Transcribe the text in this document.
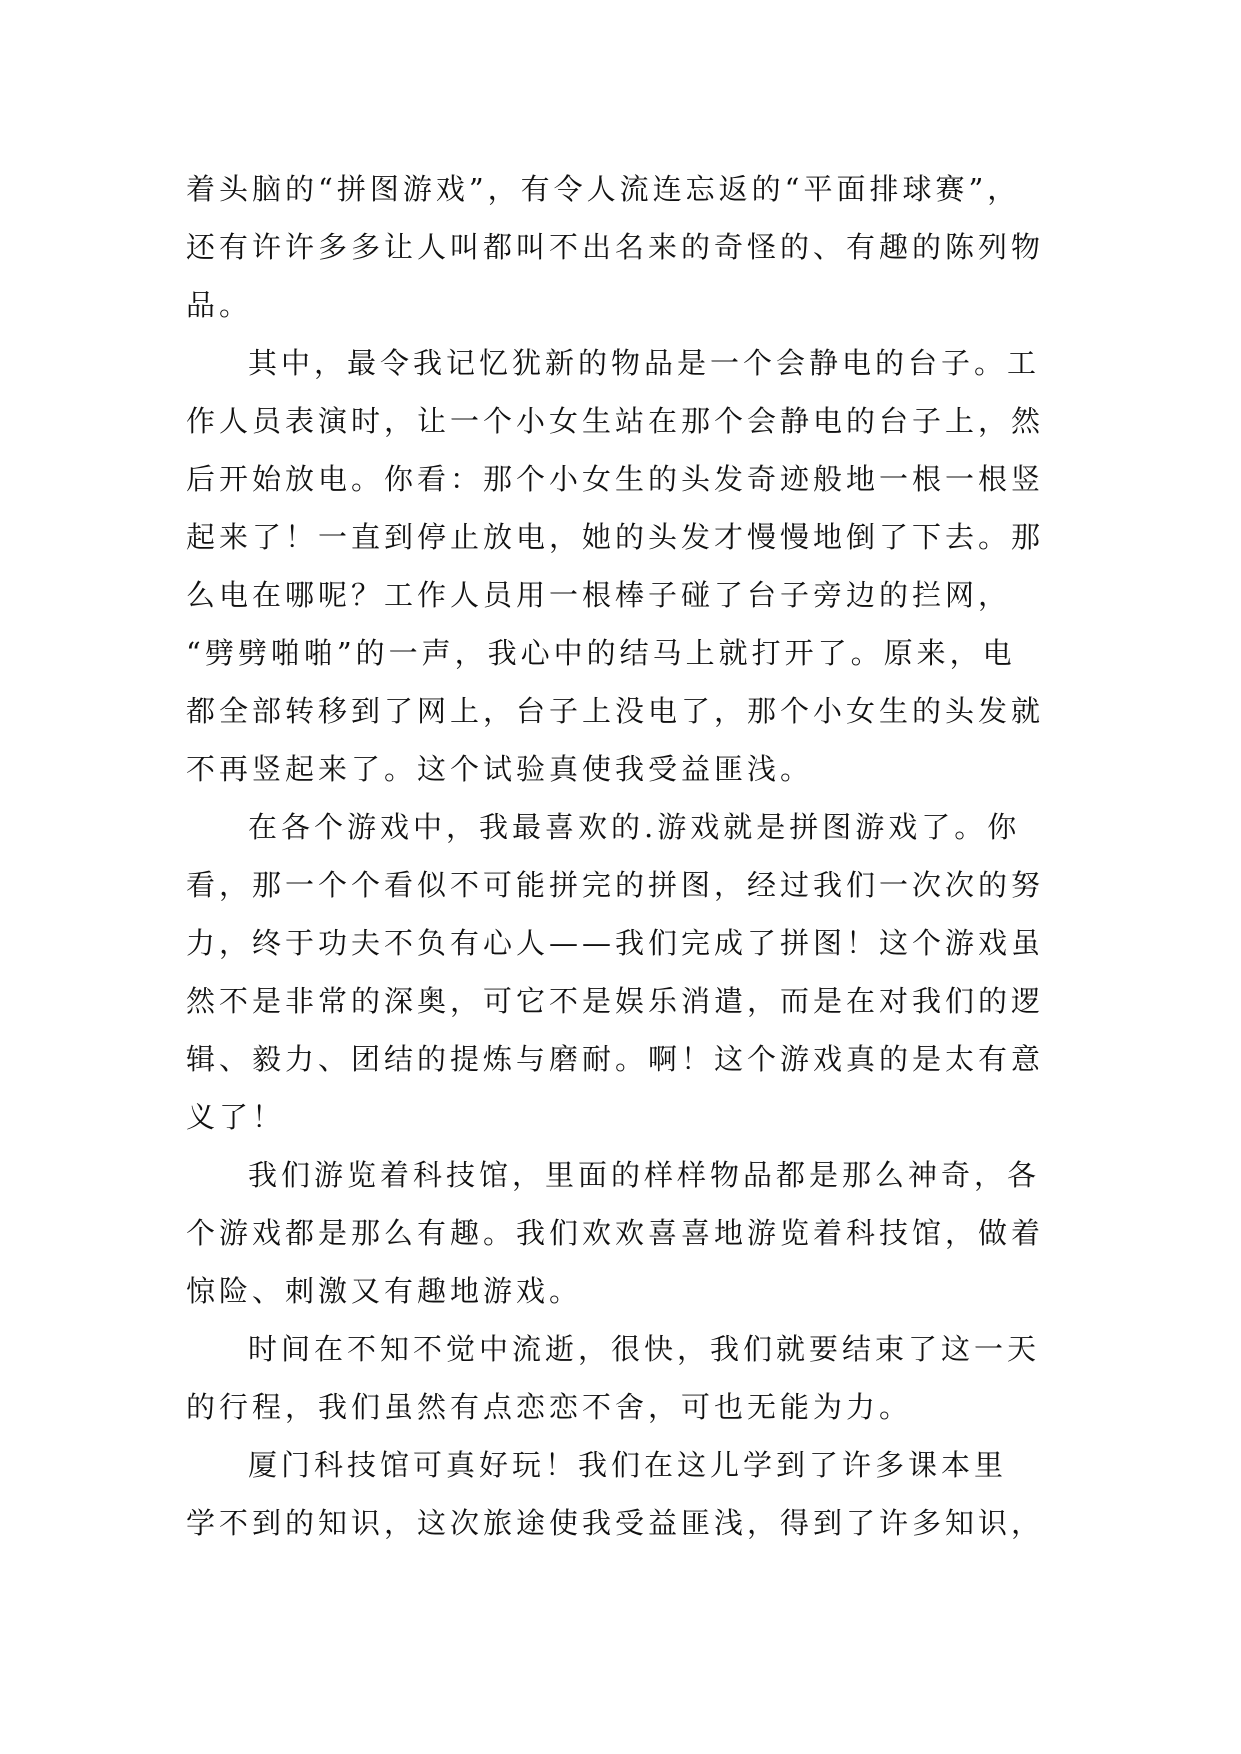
着头脑的“拼图游戏”，有令人流连忘返的“平面排球赛”，
还有许许多多让人叫都叫不出名来的奇怪的、有趣的陈列物
品。
其中，最令我记忆犹新的物品是一个会静电的台子。工
作人员表演时，让一个小女生站在那个会静电的台子上，然
后开始放电。你看：那个小女生的头发奇迹般地一根一根竖
起来了！一直到停止放电，她的头发才慢慢地倒了下去。那
么电在哪呢？工作人员用一根棒子碰了台子旁边的拦网，
“劈劈啪啪”的一声，我心中的结马上就打开了。原来，电
都全部转移到了网上，台子上没电了，那个小女生的头发就
不再竖起来了。这个试验真使我受益匪浅。
在各个游戏中，我最喜欢的.游戏就是拼图游戏了。你
看，那一个个看似不可能拼完的拼图，经过我们一次次的努
力，终于功夫不负有心人——我们完成了拼图！这个游戏虽
然不是非常的深奥，可它不是娱乐消遣，而是在对我们的逻
辑、毅力、团结的提炼与磨耐。啊！这个游戏真的是太有意
义了！
我们游览着科技馆，里面的样样物品都是那么神奇，各
个游戏都是那么有趣。我们欢欢喜喜地游览着科技馆，做着
惊险、刺激又有趣地游戏。
时间在不知不觉中流逝，很快，我们就要结束了这一天
的行程，我们虽然有点恋恋不舍，可也无能为力。
厦门科技馆可真好玩！我们在这儿学到了许多课本里
学不到的知识，这次旅途使我受益匪浅，得到了许多知识，
